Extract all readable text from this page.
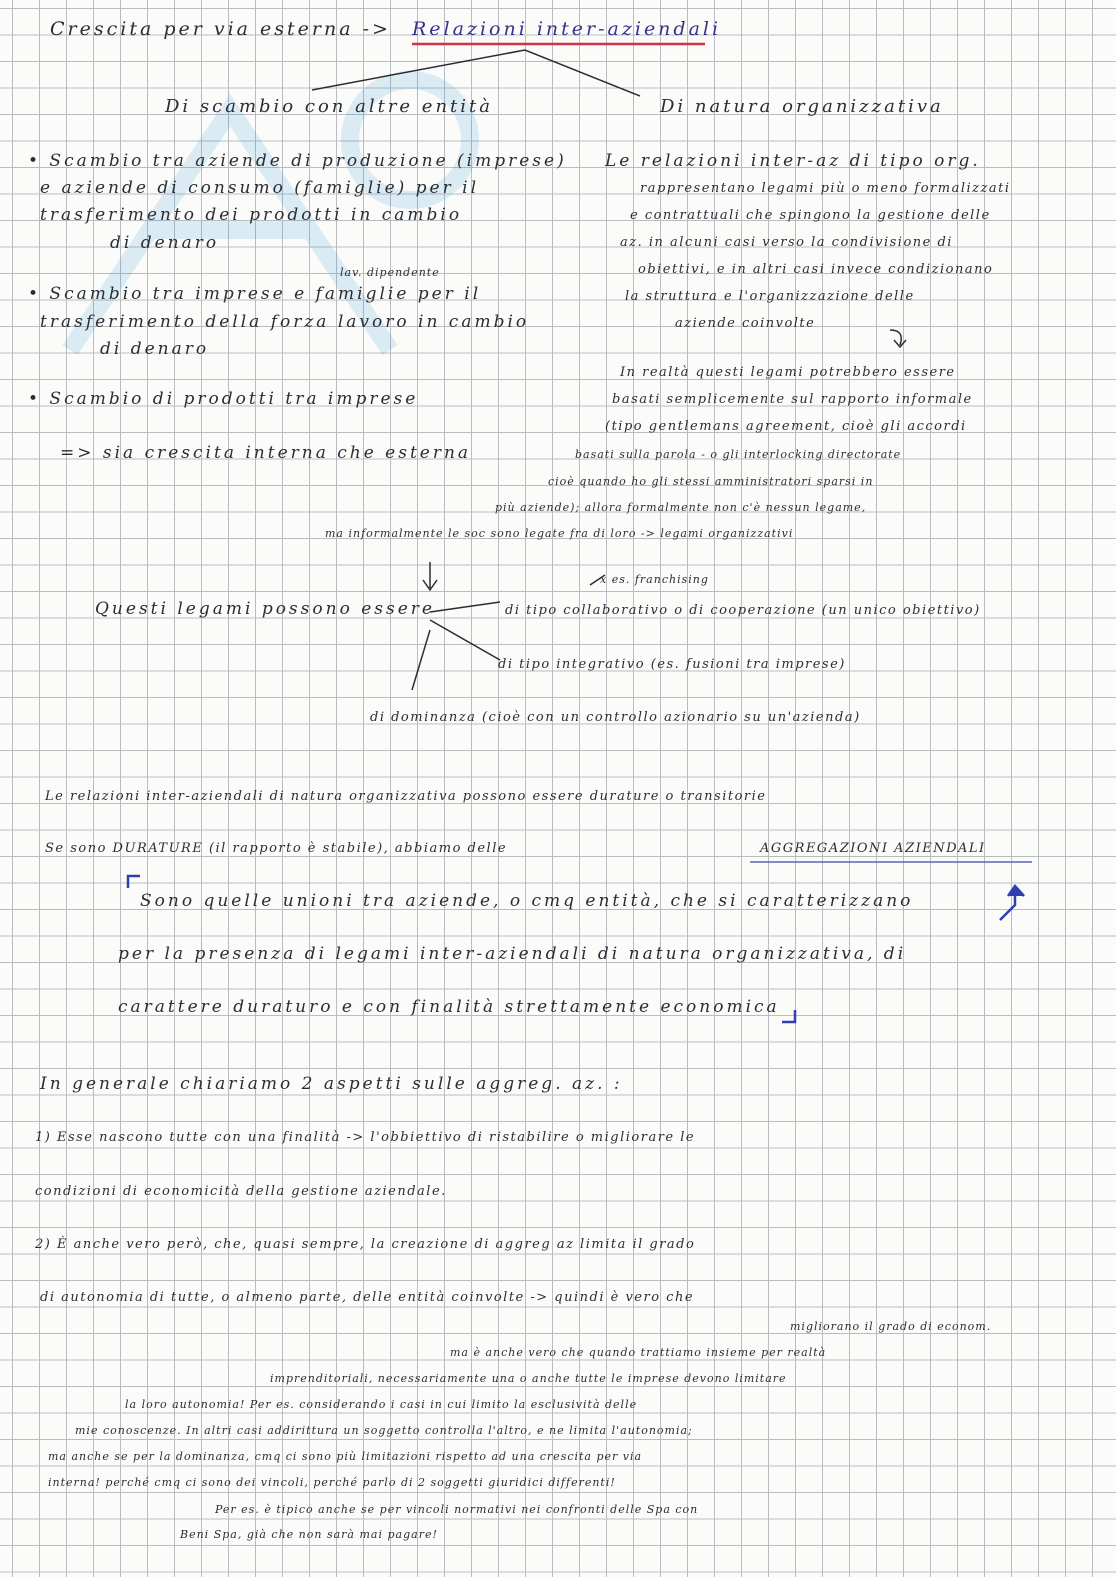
Crescita per via esterna -> Relazioni inter-aziendali
Di scambio con altre entità	Di natura organizzativa
• Scambio tra aziende di produzione (imprese)
e aziende di consumo (famiglie) per il
trasferimento dei prodotti in cambio
di denaro
lav. dipendente
• Scambio tra imprese e famiglie per il
trasferimento della forza lavoro in cambio
di denaro
• Scambio di prodotti tra imprese
=> sia crescita interna che esterna
Le relazioni inter-az di tipo org.
rappresentano legami più o meno formalizzati
e contrattuali che spingono la gestione delle
az. in alcuni casi verso la condivisione di
obiettivi, e in altri casi invece condizionano
la struttura e l'organizzazione delle
aziende coinvolte
In realtà questi legami potrebbero essere
basati semplicemente sul rapporto informale
(tipo gentlemans agreement, cioè gli accordi
basati sulla parola - o gli interlocking directorate
cioè quando ho gli stessi amministratori sparsi in
più aziende); allora formalmente non c'è nessun legame,
ma informalmente le soc sono legate fra di loro -> legami organizzativi
x es. franchising
Questi legami possono essere	di tipo collaborativo o di cooperazione (un unico obiettivo)
di tipo integrativo (es. fusioni tra imprese)
di dominanza (cioè con un controllo azionario su un'azienda)
Le relazioni inter-aziendali di natura organizzativa possono essere durature o transitorie
Se sono DURATURE (il rapporto è stabile), abbiamo delle	AGGREGAZIONI AZIENDALI
Sono quelle unioni tra aziende, o cmq entità, che si caratterizzano
per la presenza di legami inter-aziendali di natura organizzativa, di
carattere duraturo e con finalità strettamente economica
In generale chiariamo 2 aspetti sulle aggreg. az. :
1) Esse nascono tutte con una finalità -> l'obbiettivo di ristabilire o migliorare le
condizioni di economicità della gestione aziendale.
2) È anche vero però, che, quasi sempre, la creazione di aggreg az limita il grado
di autonomia di tutte, o almeno parte, delle entità coinvolte -> quindi è vero che
migliorano il grado di econom.
ma è anche vero che quando trattiamo insieme per realtà
imprenditoriali, necessariamente una o anche tutte le imprese devono limitare
la loro autonomia! Per es. considerando i casi in cui limito la esclusività delle
mie conoscenze. In altri casi addirittura un soggetto controlla l'altro, e ne limita l'autonomia;
ma anche se per la dominanza, cmq ci sono più limitazioni rispetto ad una crescita per via
interna! perché cmq ci sono dei vincoli, perché parlo di 2 soggetti giuridici differenti!
Per es. è tipico anche se per vincoli normativi nei confronti delle Spa con
Beni Spa, già che non sarà mai pagare!
